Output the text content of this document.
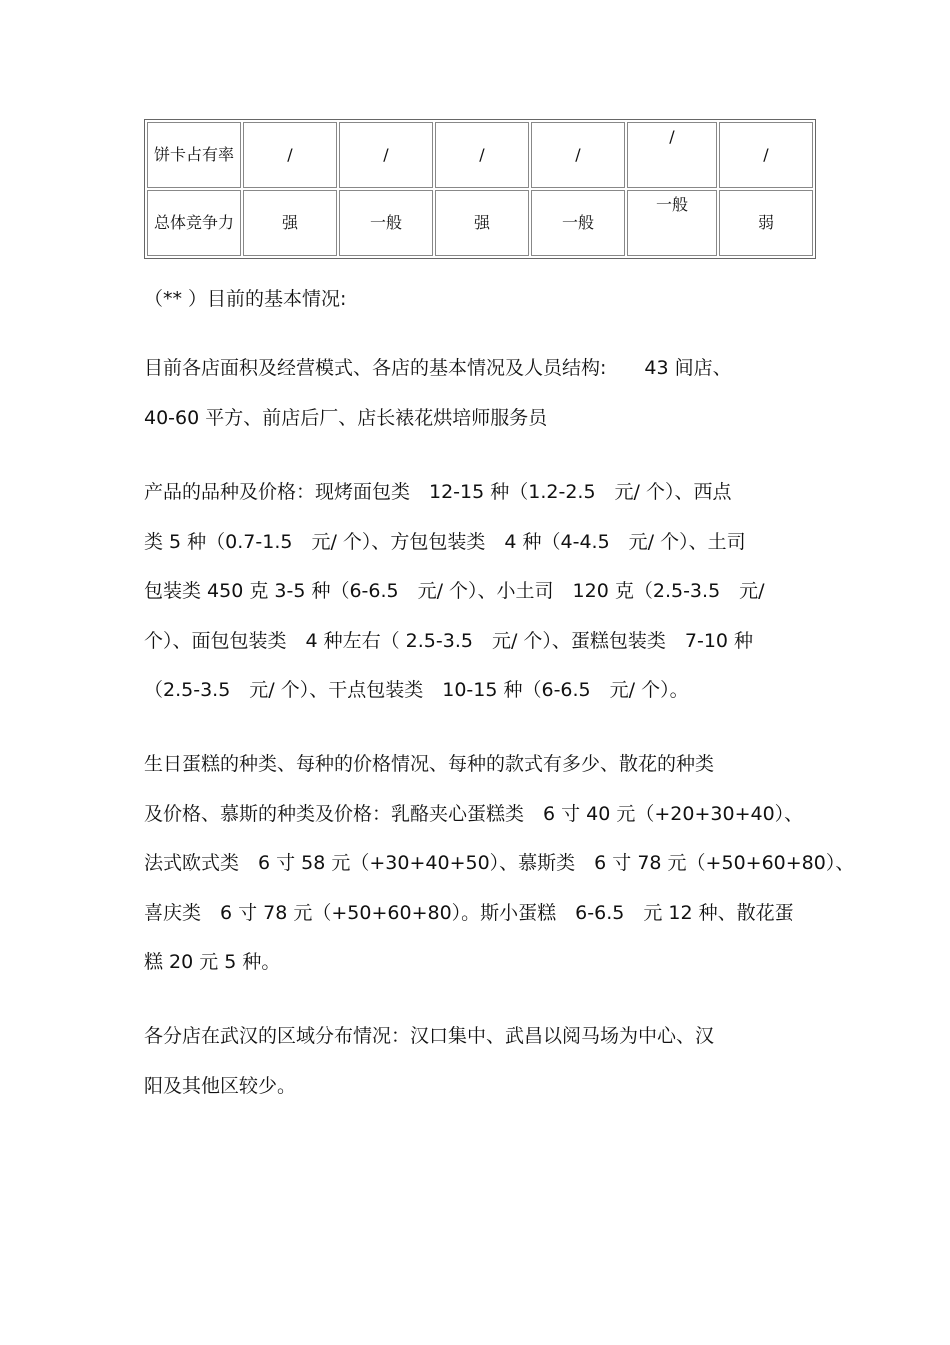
饼卡占有率	/	/	/	/	/	/
总体竞争力	强	一般	强	一般	一般	弱

（** ）目前的基本情况:

目前各店面积及经营模式、各店的基本情况及人员结构:　　43 间店、

40-60 平方、前店后厂、店长裱花烘培师服务员

产品的品种及价格：现烤面包类　12-15 种（1.2-2.5　元/ 个）、西点

类 5 种（0.7-1.5　元/ 个）、方包包装类　4 种（4-4.5　元/ 个）、土司

包装类 450 克 3-5 种（6-6.5　元/ 个）、小土司　120 克（2.5-3.5　元/

个）、面包包装类　4 种左右（ 2.5-3.5　元/ 个）、蛋糕包装类　7-10 种

（2.5-3.5　元/ 个）、干点包装类　10-15 种（6-6.5　元/ 个）。

生日蛋糕的种类、每种的价格情况、每种的款式有多少、散花的种类

及价格、慕斯的种类及价格：乳酪夹心蛋糕类　6 寸 40 元（+20+30+40）、

法式欧式类　6 寸 58 元（+30+40+50）、慕斯类　6 寸 78 元（+50+60+80）、

喜庆类　6 寸 78 元（+50+60+80）。斯小蛋糕　6-6.5　元 12 种、散花蛋

糕 20 元 5 种。

各分店在武汉的区域分布情况：汉口集中、武昌以阅马场为中心、汉

阳及其他区较少。
